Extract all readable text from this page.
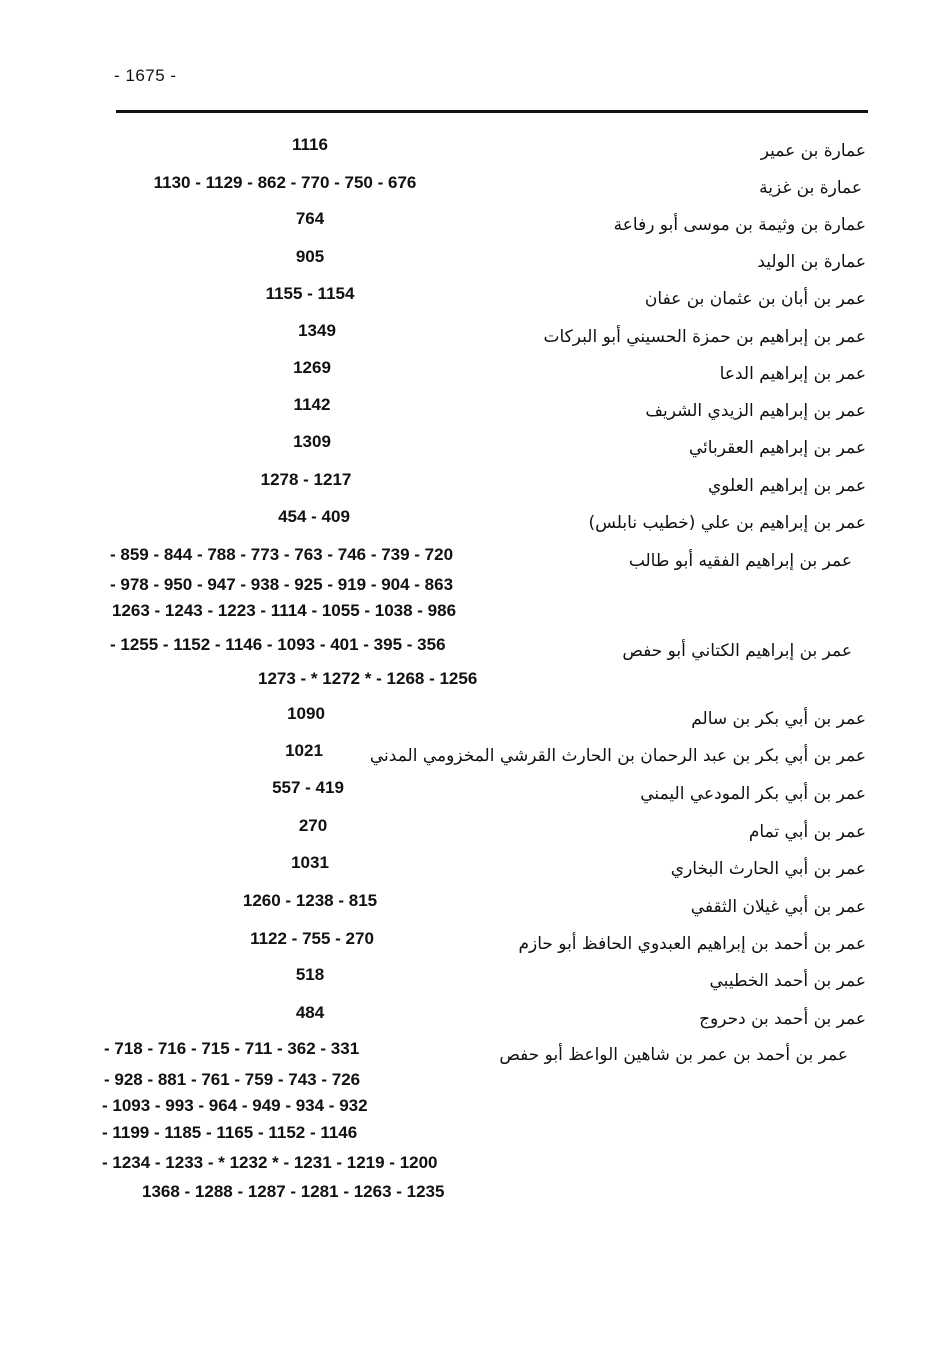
- 1675 -
عمارة بن عمير
1116
عمارة بن غزية
1130 - 1129 - 862 - 770 - 750 - 676
عمارة بن وثيمة بن موسى أبو رفاعة
764
عمارة بن الوليد
905
عمر بن أبان بن عثمان بن عفان
1155 - 1154
عمر بن إبراهيم بن حمزة الحسيني أبو البركات
1349
عمر بن إبراهيم الدعا
1269
عمر بن إبراهيم الزيدي الشريف
1142
عمر بن إبراهيم العقربائي
1309
عمر بن إبراهيم العلوي
1278 - 1217
عمر بن إبراهيم بن علي (خطيب نابلس)
454 - 409
عمر بن إبراهيم الفقيه أبو طالب
- 859 - 844 - 788 - 773 - 763 - 746 - 739 - 720
- 978 - 950 - 947 - 938 - 925 - 919 - 904 - 863
1263 - 1243 - 1223 - 1114 - 1055 - 1038 - 986
عمر بن إبراهيم الكتاني أبو حفص
- 1255 - 1152 - 1146 - 1093 - 401 - 395 - 356
1273 - * 1272 * - 1268 - 1256
عمر بن أبي بكر بن سالم
1090
عمر بن أبي بكر بن عبد الرحمان بن الحارث القرشي المخزومي المدني
1021
عمر بن أبي بكر المودعي اليمني
557 - 419
عمر بن أبي تمام
270
عمر بن أبي الحارث البخاري
1031
عمر بن أبي غيلان الثقفي
1260 - 1238 - 815
عمر بن أحمد بن إبراهيم العبدوي الحافظ أبو حازم
1122 - 755 - 270
عمر بن أحمد الخطيبي
518
عمر بن أحمد بن دحروج
484
عمر بن أحمد بن عمر بن شاهين الواعظ أبو حفص
- 718 - 716 - 715 - 711 - 362 - 331
- 928 - 881 - 761 - 759 - 743 - 726
- 1093 - 993 - 964 - 949 - 934 - 932
- 1199 - 1185 - 1165 - 1152 - 1146
- 1234 - 1233 - * 1232 * - 1231 - 1219 - 1200
1368 - 1288 - 1287 - 1281 - 1263 - 1235
